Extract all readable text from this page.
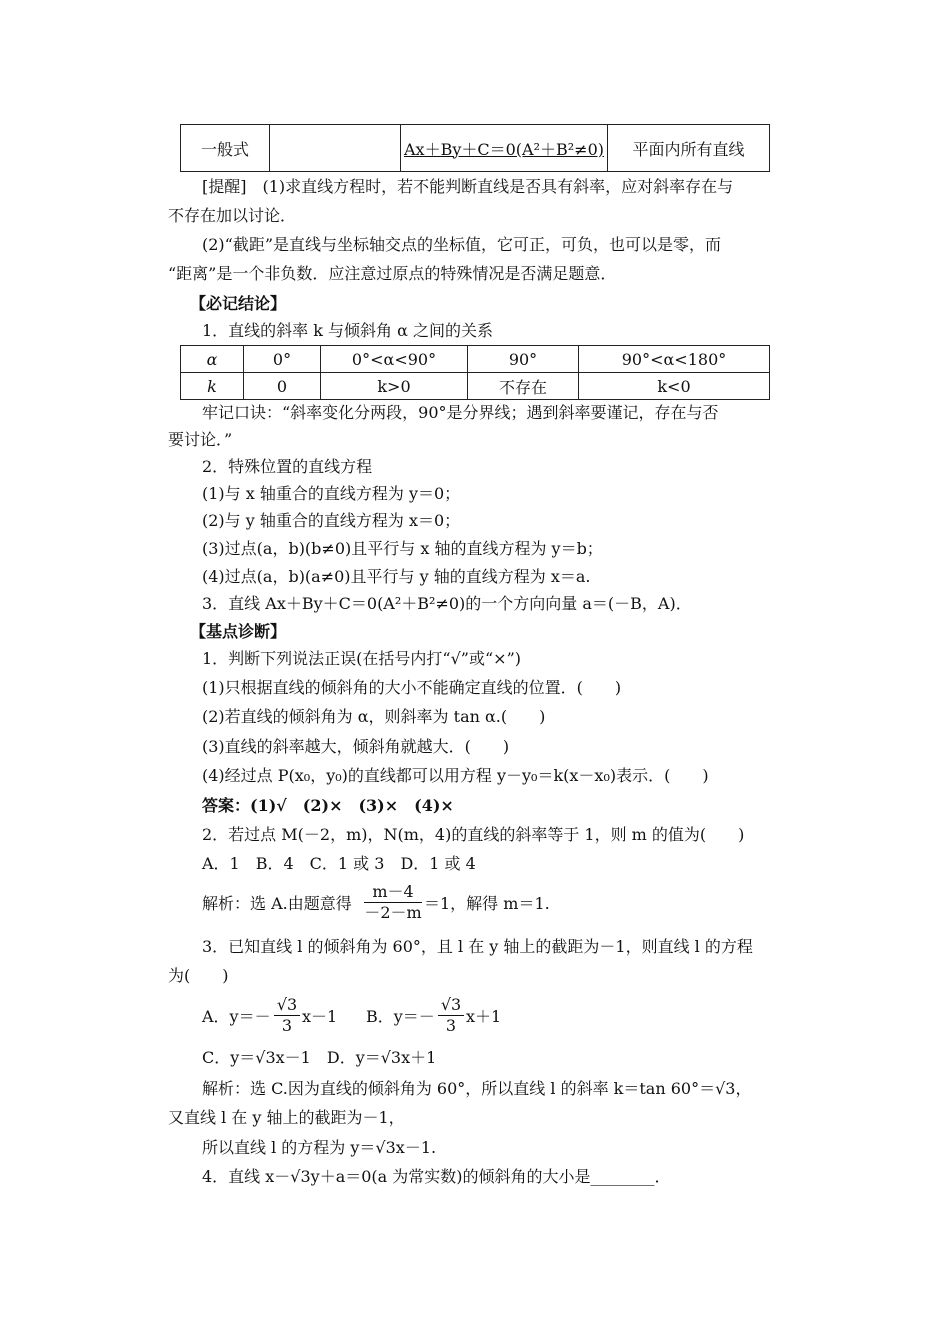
一般式		Ax＋By＋C＝0(A²＋B²≠0)	平面内所有直线
[提醒]　(1)求直线方程时，若不能判断直线是否具有斜率，应对斜率存在与
不存在加以讨论．
(2)“截距”是直线与坐标轴交点的坐标值，它可正，可负，也可以是零，而
“距离”是一个非负数．应注意过原点的特殊情况是否满足题意．
【必记结论】
1．直线的斜率 k 与倾斜角 α 之间的关系
α	0°	0°<α<90°	90°	90°<α<180°
k	0	k>0	不存在	k<0
牢记口诀：“斜率变化分两段，90°是分界线；遇到斜率要谨记，存在与否
要讨论．”
2．特殊位置的直线方程
(1)与 x 轴重合的直线方程为 y＝0；
(2)与 y 轴重合的直线方程为 x＝0；
(3)过点(a，b)(b≠0)且平行与 x 轴的直线方程为 y＝b；
(4)过点(a，b)(a≠0)且平行与 y 轴的直线方程为 x＝a.
3．直线 Ax＋By＋C＝0(A²＋B²≠0)的一个方向向量 a＝(－B，A)．
【基点诊断】
1．判断下列说法正误(在括号内打“√”或“×”)
(1)只根据直线的倾斜角的大小不能确定直线的位置．(　　)
(2)若直线的倾斜角为 α，则斜率为 tan α.(　　)
(3)直线的斜率越大，倾斜角就越大．(　　)
(4)经过点 P(x₀，y₀)的直线都可以用方程 y－y₀＝k(x－x₀)表示．(　　)
答案：(1)√　(2)×　(3)×　(4)×
2．若过点 M(－2，m)，N(m，4)的直线的斜率等于 1，则 m 的值为(　　)
A．1　B．4　C．1 或 3　D．1 或 4
解析：选 A.由题意得 $\frac{m-4}{-2-m} =1$，解得 m＝1.
3．已知直线 l 的倾斜角为 60°，且 l 在 y 轴上的截距为－1，则直线 l 的方程
为(　　)
A．$y=- \frac{√3}{3} x-1$ B．$y=- \frac{√3}{3} x+1$
C．y＝√3x－1　D．y＝√3x＋1
解析：选 C.因为直线的倾斜角为 60°，所以直线 l 的斜率 k＝tan 60°＝√3，
又直线 l 在 y 轴上的截距为－1，
所以直线 l 的方程为 y＝√3x－1.
4．直线 x－√3y＋a＝0(a 为常实数)的倾斜角的大小是________．
